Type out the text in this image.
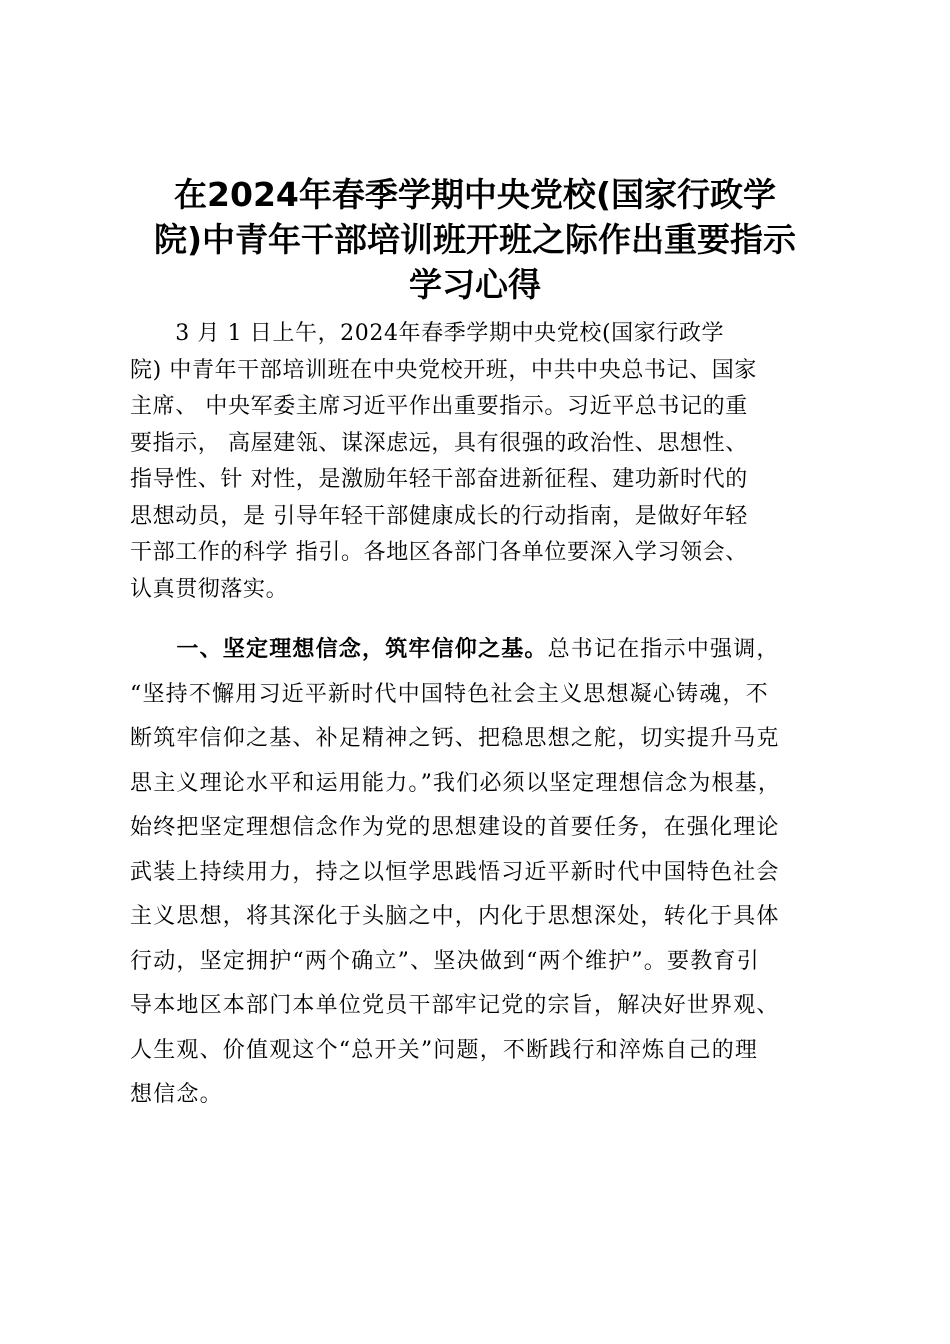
在2024年春季学期中央党校(国家行政学
院)中青年干部培训班开班之际作出重要指示
学习心得

　　3 月 1 日上午，2024年春季学期中央党校(国家行政学
院) 中青年干部培训班在中央党校开班，中共中央总书记、国家
主席、 中央军委主席习近平作出重要指示。习近平总书记的重
要指示， 高屋建瓴、谋深虑远，具有很强的政治性、思想性、
指导性、针 对性，是激励年轻干部奋进新征程、建功新时代的
思想动员，是 引导年轻干部健康成长的行动指南，是做好年轻
干部工作的科学 指引。各地区各部门各单位要深入学习领会、
认真贯彻落实。

　　一、坚定理想信念，筑牢信仰之基。总书记在指示中强调，
“坚持不懈用习近平新时代中国特色社会主义思想凝心铸魂，不
断筑牢信仰之基、补足精神之钙、把稳思想之舵，切实提升马克
思主义理论水平和运用能力。”我们必须以坚定理想信念为根基，
始终把坚定理想信念作为党的思想建设的首要任务，在强化理论
武装上持续用力，持之以恒学思践悟习近平新时代中国特色社会
主义思想，将其深化于头脑之中，内化于思想深处，转化于具体
行动，坚定拥护“两个确立”、坚决做到“两个维护”。要教育引
导本地区本部门本单位党员干部牢记党的宗旨，解决好世界观、
人生观、价值观这个“总开关”问题，不断践行和淬炼自己的理
想信念。
